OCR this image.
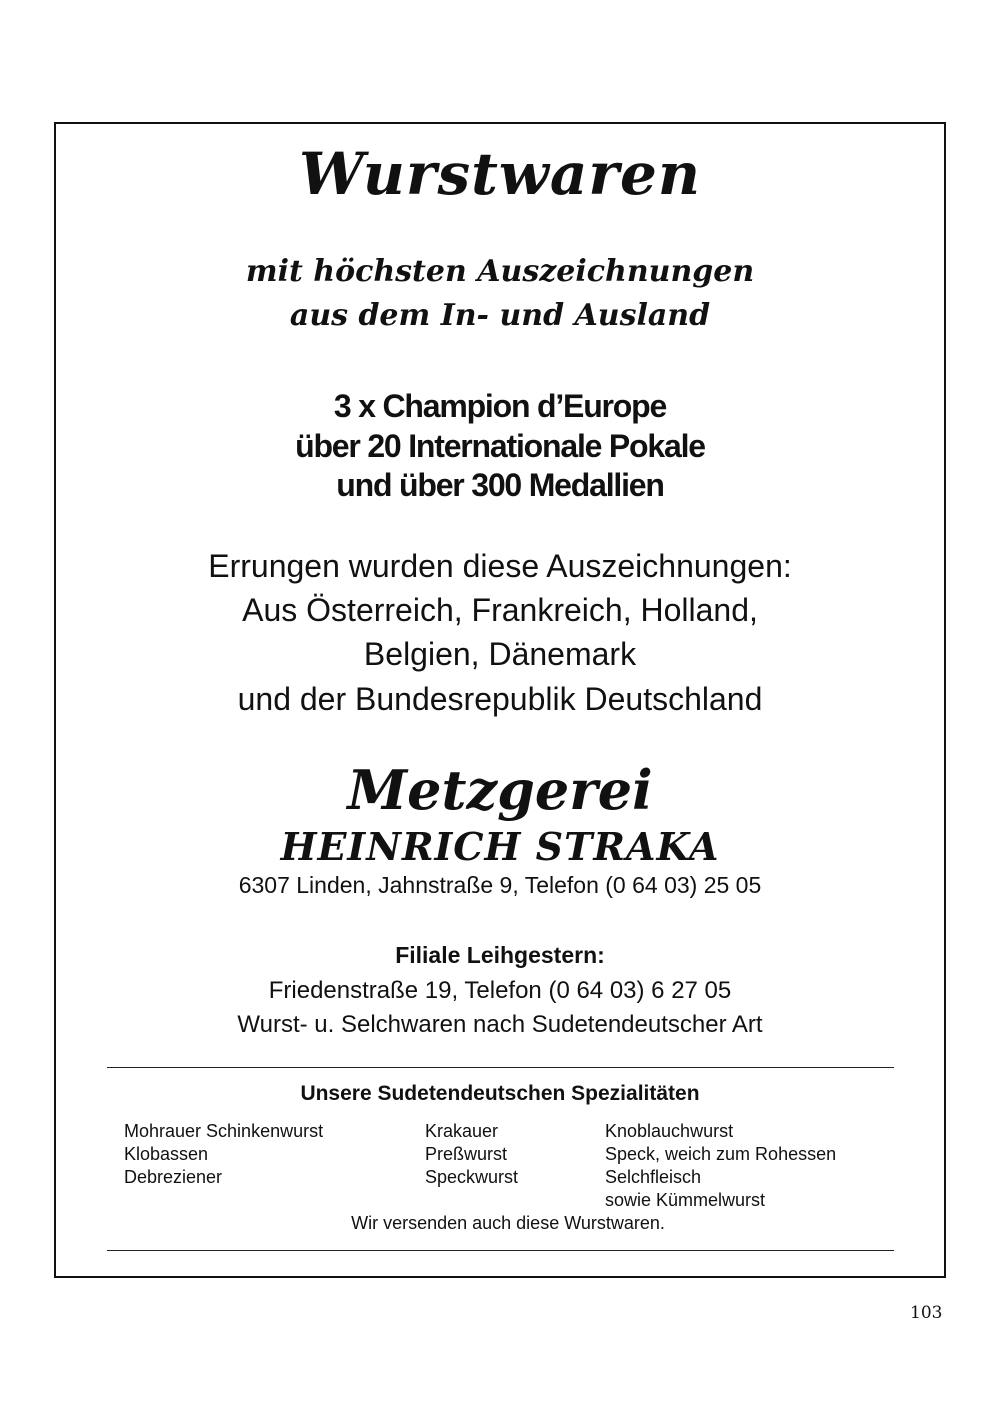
Wurstwaren
mit höchsten Auszeichnungen
aus dem In- und Ausland
3 x Champion d’Europe
über 20 Internationale Pokale
und über 300 Medallien
Errungen wurden diese Auszeichnungen:
Aus Österreich, Frankreich, Holland,
Belgien, Dänemark
und der Bundesrepublik Deutschland
Metzgerei
HEINRICH STRAKA
6307 Linden, Jahnstraße 9, Telefon (0 64 03) 25 05
Filiale Leihgestern:
Friedenstraße 19, Telefon (0 64 03) 6 27 05
Wurst- u. Selchwaren nach Sudetendeutscher Art
Unsere Sudetendeutschen Spezialitäten
Mohrauer Schinkenwurst
Klobassen
Debreziener
Krakauer
Preßwurst
Speckwurst
Knoblauchwurst
Speck, weich zum Rohessen
Selchfleisch
sowie Kümmelwurst
Wir versenden auch diese Wurstwaren.
103
